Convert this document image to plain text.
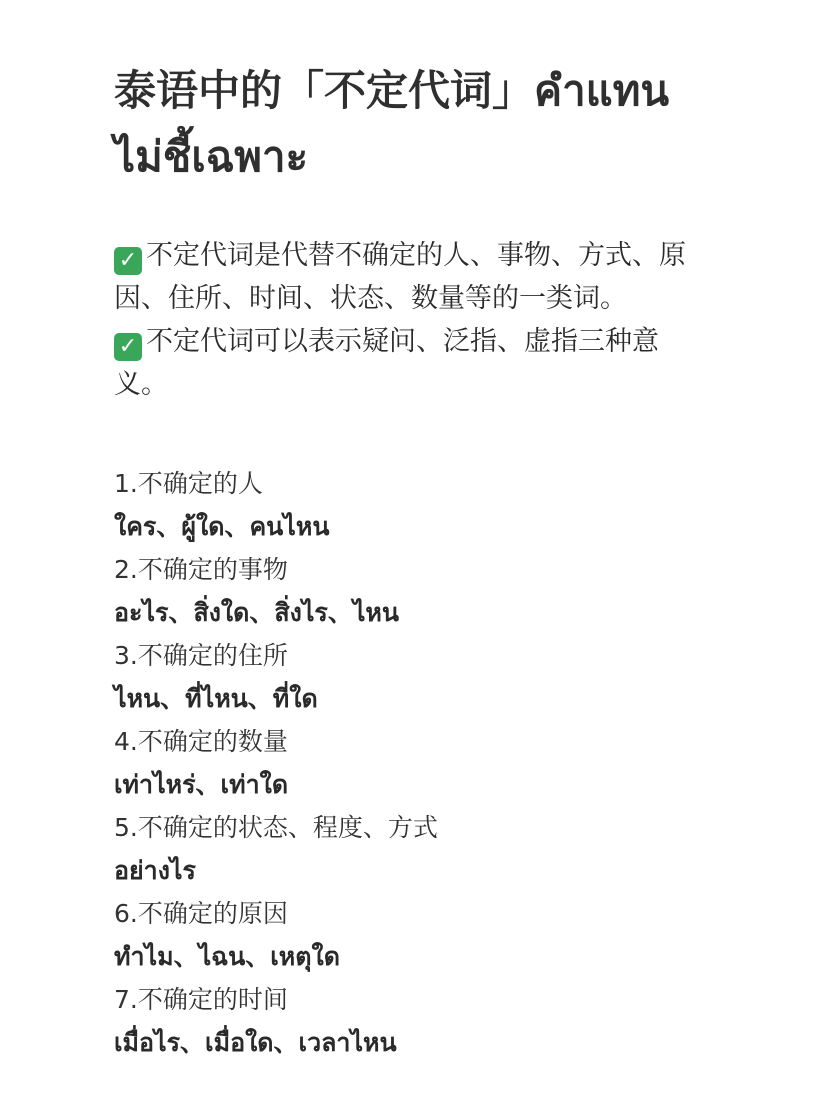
泰语中的「不定代词」คำแทน
ไม่ชี้เฉพาะ
✓ 不定代词是代替不确定的人、事物、方式、原
因、住所、时间、状态、数量等的一类词。
✓ 不定代词可以表示疑问、泛指、虚指三种意
义。
1.不确定的人
ใคร、ผู้ใด、คนไหน
2.不确定的事物
อะไร、สิ่งใด、สิ่งไร、ไหน
3.不确定的住所
ไหน、ที่ไหน、ที่ใด
4.不确定的数量
เท่าไหร่、เท่าใด
5.不确定的状态、程度、方式
อย่างไร
6.不确定的原因
ทำไม、ไฉน、เหตุใด
7.不确定的时间
เมื่อไร、เมื่อใด、เวลาไหน
